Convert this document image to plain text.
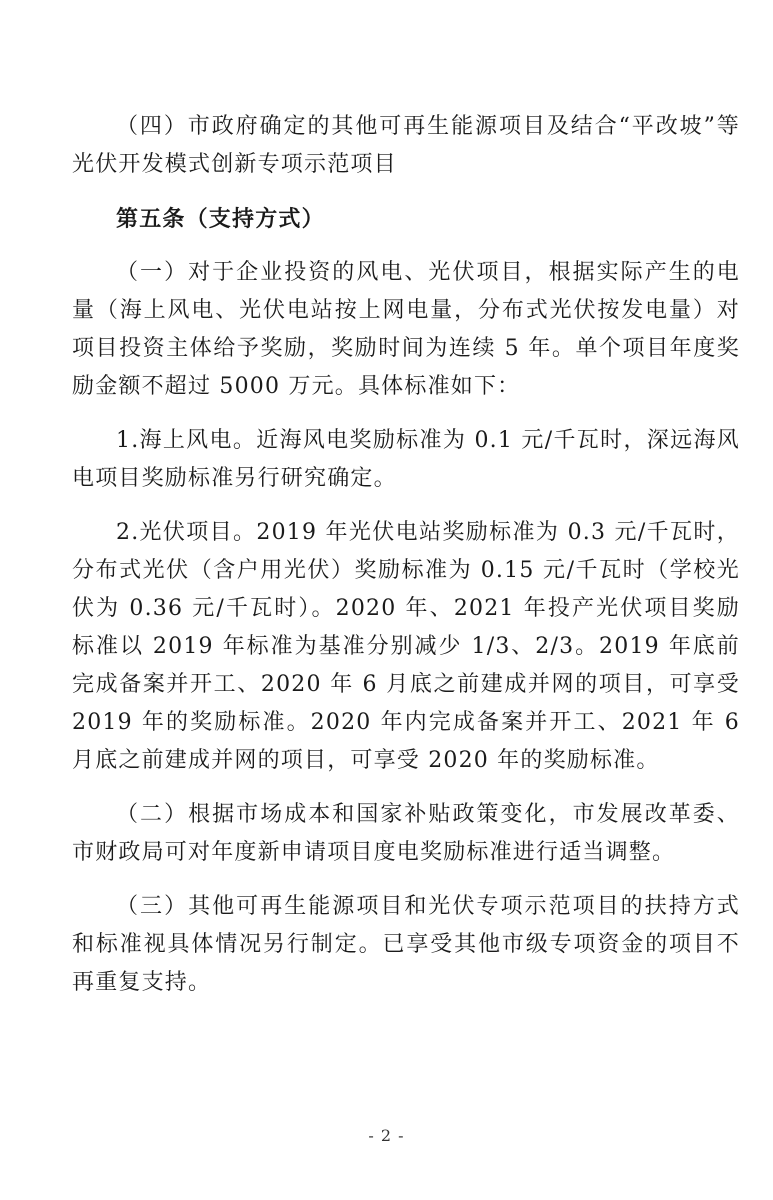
（四）市政府确定的其他可再生能源项目及结合“平改坡”等光伏开发模式创新专项示范项目

第五条（支持方式）

（一）对于企业投资的风电、光伏项目，根据实际产生的电量（海上风电、光伏电站按上网电量，分布式光伏按发电量）对项目投资主体给予奖励，奖励时间为连续 5 年。单个项目年度奖励金额不超过 5000 万元。具体标准如下：

1.海上风电。近海风电奖励标准为 0.1 元/千瓦时，深远海风电项目奖励标准另行研究确定。

2.光伏项目。2019 年光伏电站奖励标准为 0.3 元/千瓦时，分布式光伏（含户用光伏）奖励标准为 0.15 元/千瓦时（学校光伏为 0.36 元/千瓦时）。2020 年、2021 年投产光伏项目奖励标准以 2019 年标准为基准分别减少 1/3、2/3。2019 年底前完成备案并开工、2020 年 6 月底之前建成并网的项目，可享受 2019 年的奖励标准。2020 年内完成备案并开工、2021 年 6 月底之前建成并网的项目，可享受 2020 年的奖励标准。

（二）根据市场成本和国家补贴政策变化，市发展改革委、市财政局可对年度新申请项目度电奖励标准进行适当调整。

（三）其他可再生能源项目和光伏专项示范项目的扶持方式和标准视具体情况另行制定。已享受其他市级专项资金的项目不再重复支持。

- 2 -
